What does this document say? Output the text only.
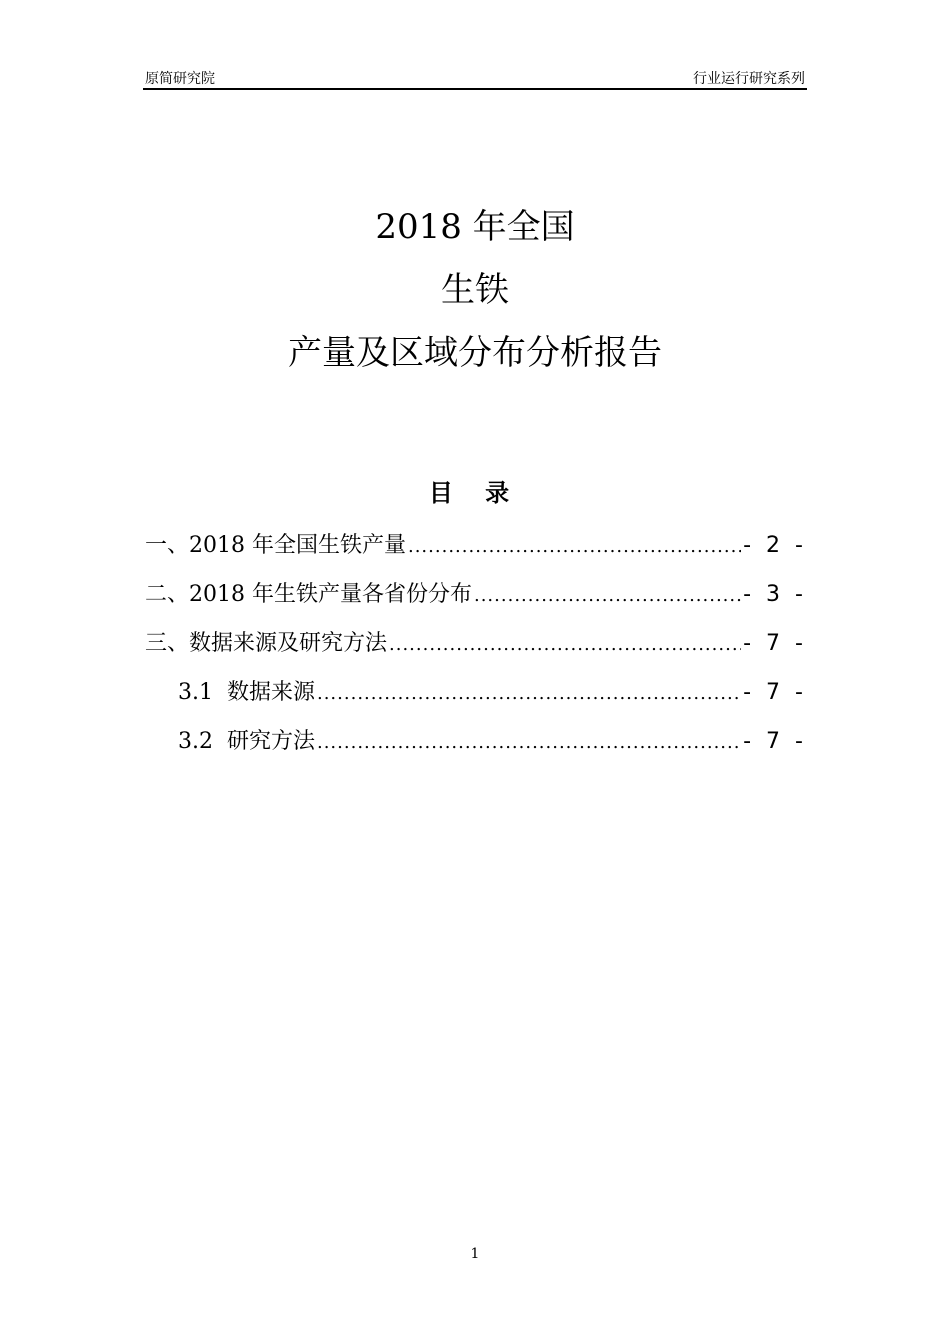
原简研究院	行业运行研究系列
2018 年全国
生铁
产量及区域分布分析报告
目 录
一、2018 年全国生铁产量 .....	- 2 -
二、2018 年生铁产量各省份分布 .....	- 3 -
三、数据来源及研究方法 .....	- 7 -
3.1  数据来源 .....	- 7 -
3.2  研究方法 .....	- 7 -
1
